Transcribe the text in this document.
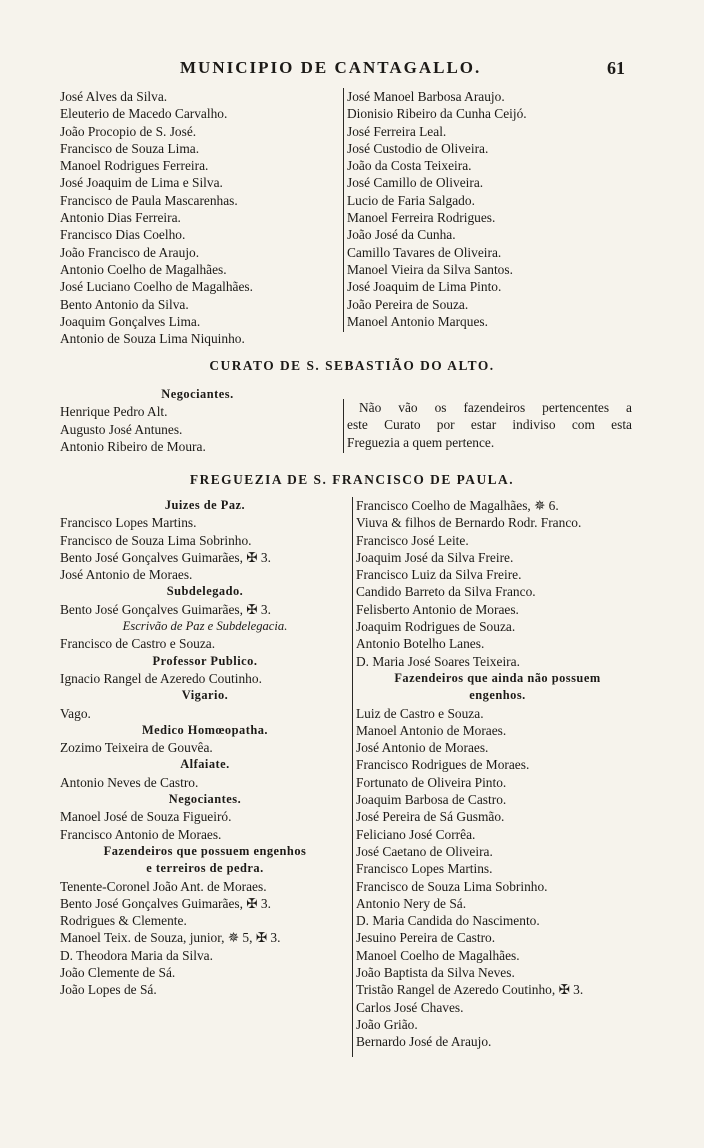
MUNICIPIO DE CANTAGALLO.	61
José Alves da Silva.
Eleuterio de Macedo Carvalho.
João Procopio de S. José.
Francisco de Souza Lima.
Manoel Rodrigues Ferreira.
José Joaquim de Lima e Silva.
Francisco de Paula Mascarenhas.
Antonio Dias Ferreira.
Francisco Dias Coelho.
João Francisco de Araujo.
Antonio Coelho de Magalhães.
José Luciano Coelho de Magalhães.
Bento Antonio da Silva.
Joaquim Gonçalves Lima.
Antonio de Souza Lima Niquinho.
José Manoel Barbosa Araujo.
Dionisio Ribeiro da Cunha Ceijó.
José Ferreira Leal.
José Custodio de Oliveira.
João da Costa Teixeira.
José Camillo de Oliveira.
Lucio de Faria Salgado.
Manoel Ferreira Rodrigues.
João José da Cunha.
Camillo Tavares de Oliveira.
Manoel Vieira da Silva Santos.
José Joaquim de Lima Pinto.
João Pereira de Souza.
Manoel Antonio Marques.
CURATO DE S. SEBASTIÃO DO ALTO.
Negociantes.
Henrique Pedro Alt.
Augusto José Antunes.
Antonio Ribeiro de Moura.
Não vão os fazendeiros pertencentes a
este Curato por estar indiviso com esta
Freguezia a quem pertence.
FREGUEZIA DE S. FRANCISCO DE PAULA.
Juizes de Paz.
Francisco Lopes Martins.
Francisco de Souza Lima Sobrinho.
Bento José Gonçalves Guimarães, ✠ 3.
José Antonio de Moraes.
Subdelegado.
Bento José Gonçalves Guimarães, ✠ 3.
Escrivão de Paz e Subdelegacia.
Francisco de Castro e Souza.
Professor Publico.
Ignacio Rangel de Azeredo Coutinho.
Vigario.
Vago.
Medico Homœopatha.
Zozimo Teixeira de Gouvêa.
Alfaiate.
Antonio Neves de Castro.
Negociantes.
Manoel José de Souza Figueiró.
Francisco Antonio de Moraes.
Fazendeiros que possuem engenhos
e terreiros de pedra.
Tenente-Coronel João Ant. de Moraes.
Bento José Gonçalves Guimarães, ✠ 3.
Rodrigues & Clemente.
Manoel Teix. de Souza, junior, ✵ 5, ✠ 3.
D. Theodora Maria da Silva.
João Clemente de Sá.
João Lopes de Sá.
Francisco Coelho de Magalhães, ✵ 6.
Viuva & filhos de Bernardo Rodr. Franco.
Francisco José Leite.
Joaquim José da Silva Freire.
Francisco Luiz da Silva Freire.
Candido Barreto da Silva Franco.
Felisberto Antonio de Moraes.
Joaquim Rodrigues de Souza.
Antonio Botelho Lanes.
D. Maria José Soares Teixeira.
Fazendeiros que ainda não possuem
engenhos.
Luiz de Castro e Souza.
Manoel Antonio de Moraes.
José Antonio de Moraes.
Francisco Rodrigues de Moraes.
Fortunato de Oliveira Pinto.
Joaquim Barbosa de Castro.
José Pereira de Sá Gusmão.
Feliciano José Corrêa.
José Caetano de Oliveira.
Francisco Lopes Martins.
Francisco de Souza Lima Sobrinho.
Antonio Nery de Sá.
D. Maria Candida do Nascimento.
Jesuino Pereira de Castro.
Manoel Coelho de Magalhães.
João Baptista da Silva Neves.
Tristão Rangel de Azeredo Coutinho, ✠ 3.
Carlos José Chaves.
João Grião.
Bernardo José de Araujo.
